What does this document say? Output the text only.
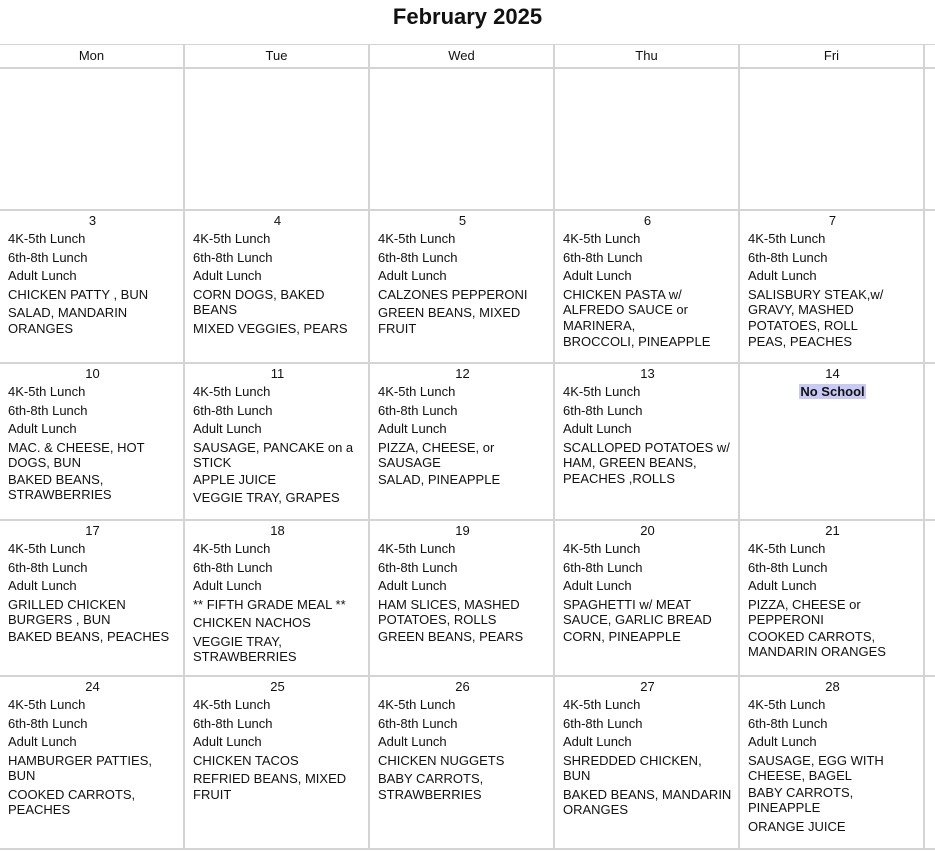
February 2025
Mon	Tue	Wed	Thu	Fri
3
4K-5th Lunch
6th-8th Lunch
Adult Lunch
CHICKEN PATTY , BUN
SALAD, MANDARIN ORANGES
4
4K-5th Lunch
6th-8th Lunch
Adult Lunch
CORN DOGS, BAKED BEANS
MIXED VEGGIES, PEARS
5
4K-5th Lunch
6th-8th Lunch
Adult Lunch
CALZONES PEPPERONI
GREEN BEANS, MIXED FRUIT
6
4K-5th Lunch
6th-8th Lunch
Adult Lunch
CHICKEN PASTA w/ ALFREDO SAUCE or MARINERA,
BROCCOLI, PINEAPPLE
7
4K-5th Lunch
6th-8th Lunch
Adult Lunch
SALISBURY STEAK,w/ GRAVY, MASHED POTATOES, ROLL
PEAS, PEACHES
10
4K-5th Lunch
6th-8th Lunch
Adult Lunch
MAC. & CHEESE, HOT DOGS, BUN
BAKED BEANS, STRAWBERRIES
11
4K-5th Lunch
6th-8th Lunch
Adult Lunch
SAUSAGE, PANCAKE on a STICK
APPLE JUICE
VEGGIE TRAY, GRAPES
12
4K-5th Lunch
6th-8th Lunch
Adult Lunch
PIZZA, CHEESE, or SAUSAGE
SALAD, PINEAPPLE
13
4K-5th Lunch
6th-8th Lunch
Adult Lunch
SCALLOPED POTATOES w/ HAM, GREEN BEANS, PEACHES ,ROLLS
14
No School
17
4K-5th Lunch
6th-8th Lunch
Adult Lunch
GRILLED CHICKEN BURGERS , BUN
BAKED BEANS, PEACHES
18
4K-5th Lunch
6th-8th Lunch
Adult Lunch
** FIFTH GRADE MEAL **
CHICKEN NACHOS
VEGGIE TRAY, STRAWBERRIES
19
4K-5th Lunch
6th-8th Lunch
Adult Lunch
HAM SLICES, MASHED POTATOES, ROLLS
GREEN BEANS, PEARS
20
4K-5th Lunch
6th-8th Lunch
Adult Lunch
SPAGHETTI w/ MEAT SAUCE, GARLIC BREAD
CORN, PINEAPPLE
21
4K-5th Lunch
6th-8th Lunch
Adult Lunch
PIZZA, CHEESE or PEPPERONI
COOKED CARROTS, MANDARIN ORANGES
24
4K-5th Lunch
6th-8th Lunch
Adult Lunch
HAMBURGER PATTIES, BUN
COOKED CARROTS, PEACHES
25
4K-5th Lunch
6th-8th Lunch
Adult Lunch
CHICKEN TACOS
REFRIED BEANS, MIXED FRUIT
26
4K-5th Lunch
6th-8th Lunch
Adult Lunch
CHICKEN NUGGETS
BABY CARROTS, STRAWBERRIES
27
4K-5th Lunch
6th-8th Lunch
Adult Lunch
SHREDDED CHICKEN, BUN
BAKED BEANS, MANDARIN ORANGES
28
4K-5th Lunch
6th-8th Lunch
Adult Lunch
SAUSAGE, EGG WITH CHEESE, BAGEL
BABY CARROTS, PINEAPPLE
ORANGE JUICE
